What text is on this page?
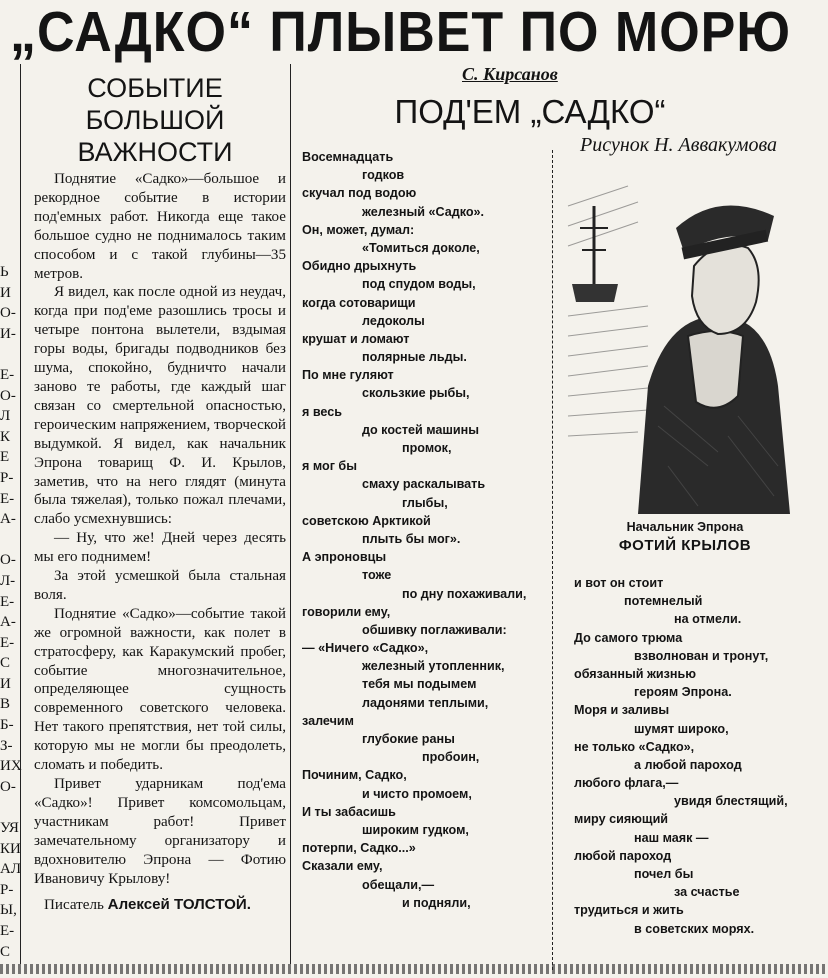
„САДКО“ ПЛЫВЕТ ПО МОРЮ
Ь
И
О-
И-
Е-
О-
Л
К
Е
Р-
Е-
А-
О-
Л-
Е-
А-
Е-
С
И
В
Б-
З-
ИХ
О-
УЯ
КИ
АЛ
Р-
Ы,
Е-
С
СОБЫТИЕ
БОЛЬШОЙ
ВАЖНОСТИ

Поднятие «Садко»—большое и рекордное событие в истории под'емных работ. Никогда еще такое большое судно не поднималось таким способом и с такой глубины—35 метров.

Я видел, как после одной из неудач, когда при под'еме разошлись тросы и четыре понтона вылетели, вздымая горы воды, бригады подводников без шума, спокойно, будничто начали заново те работы, где каждый шаг связан со смертельной опасностью, героическим напряжением, творческой выдумкой. Я видел, как начальник Эпрона товарищ Ф. И. Крылов, заметив, что на него глядят (минута была тяжелая), только пожал плечами, слабо усмехнувшись:

— Ну, что же! Дней через десять мы его поднимем!

За этой усмешкой была стальная воля.

Поднятие «Садко»—событие такой же огромной важности, как полет в стратосферу, как Каракумский пробег, событие многозначительное, определяющее сущность современного советского человека. Нет такого препятствия, нет той силы, которую мы не могли бы преодолеть, сломать и победить.

Привет ударникам под'ема «Садко»! Привет комсомольцам, участникам работ! Привет замечательному организатору и вдохновителю Эпрона — Фотию Ивановичу Крылову!

Писатель Алексей ТОЛСТОЙ.

С. Кирсанов
ПОД'ЕМ „САДКО“
Рисунок Н. Аввакумова
Восемнадцать
годков
скучал под водою
железный «Садко».
Он, может, думал:
«Томиться доколе,
Обидно дрыхнуть
под спудом воды,
когда сотоварищи
ледоколы
крушат и ломают
полярные льды.
По мне гуляют
скользкие рыбы,
я весь
до костей машины
промок,
я мог бы
смаху раскалывать
глыбы,
советскою Арктикой
плыть бы мог».
А эпроновцы
тоже
по дну похаживали,
говорили ему,
обшивку поглаживали:
— «Ничего «Садко»,
железный утопленник,
тебя мы подымем
ладонями теплыми,
залечим
глубокие раны
пробоин,
Починим, Садко,
и чисто промоем,
И ты забасишь
широким гудком,
потерпи, Садко...»
Сказали ему,
обещали,—
и подняли,
и вот он стоит
потемнелый
на отмели.
До самого трюма
взволнован и тронут,
обязанный жизнью
героям Эпрона.
Моря и заливы
шумят широко,
не только «Садко»,
а любой пароход
любого флага,—
увидя блестящий,
миру сияющий
наш маяк —
любой пароход
почел бы
за счастье
трудиться и жить
в советских морях.
Начальник Эпрона
ФОТИЙ КРЫЛОВ
